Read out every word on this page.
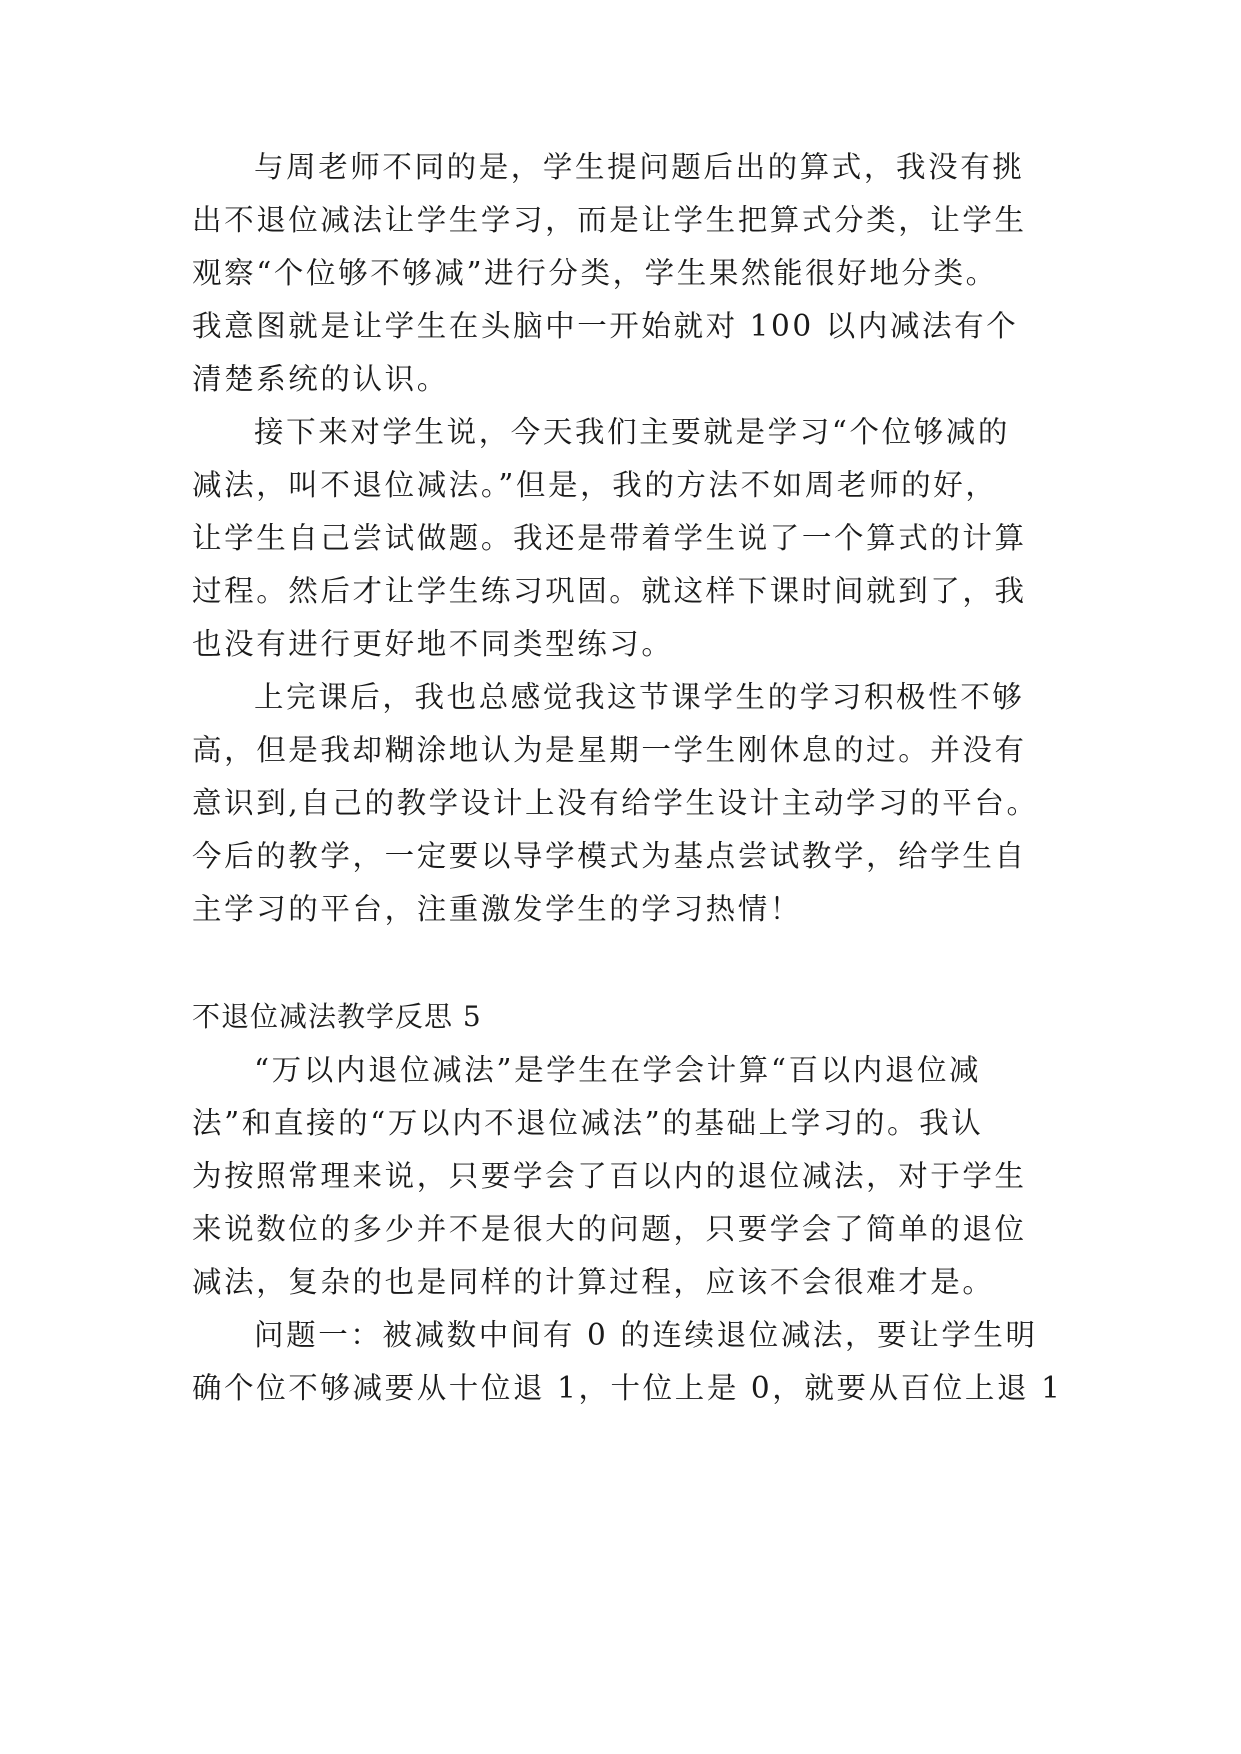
与周老师不同的是，学生提问题后出的算式，我没有挑

出不退位减法让学生学习，而是让学生把算式分类，让学生

观察“个位够不够减”进行分类，学生果然能很好地分类。

我意图就是让学生在头脑中一开始就对 100 以内减法有个

清楚系统的认识。

接下来对学生说，今天我们主要就是学习“个位够减的

减法，叫不退位减法。”但是，我的方法不如周老师的好，

让学生自己尝试做题。我还是带着学生说了一个算式的计算

过程。然后才让学生练习巩固。就这样下课时间就到了，我

也没有进行更好地不同类型练习。

上完课后，我也总感觉我这节课学生的学习积极性不够

高，但是我却糊涂地认为是星期一学生刚休息的过。并没有

意识到,自己的教学设计上没有给学生设计主动学习的平台。

今后的教学，一定要以导学模式为基点尝试教学，给学生自

主学习的平台，注重激发学生的学习热情！

不退位减法教学反思 5

“万以内退位减法”是学生在学会计算“百以内退位减

法”和直接的“万以内不退位减法”的基础上学习的。我认

为按照常理来说，只要学会了百以内的退位减法，对于学生

来说数位的多少并不是很大的问题，只要学会了简单的退位

减法，复杂的也是同样的计算过程，应该不会很难才是。

问题一：被减数中间有 0 的连续退位减法，要让学生明

确个位不够减要从十位退 1，十位上是 0，就要从百位上退 1
